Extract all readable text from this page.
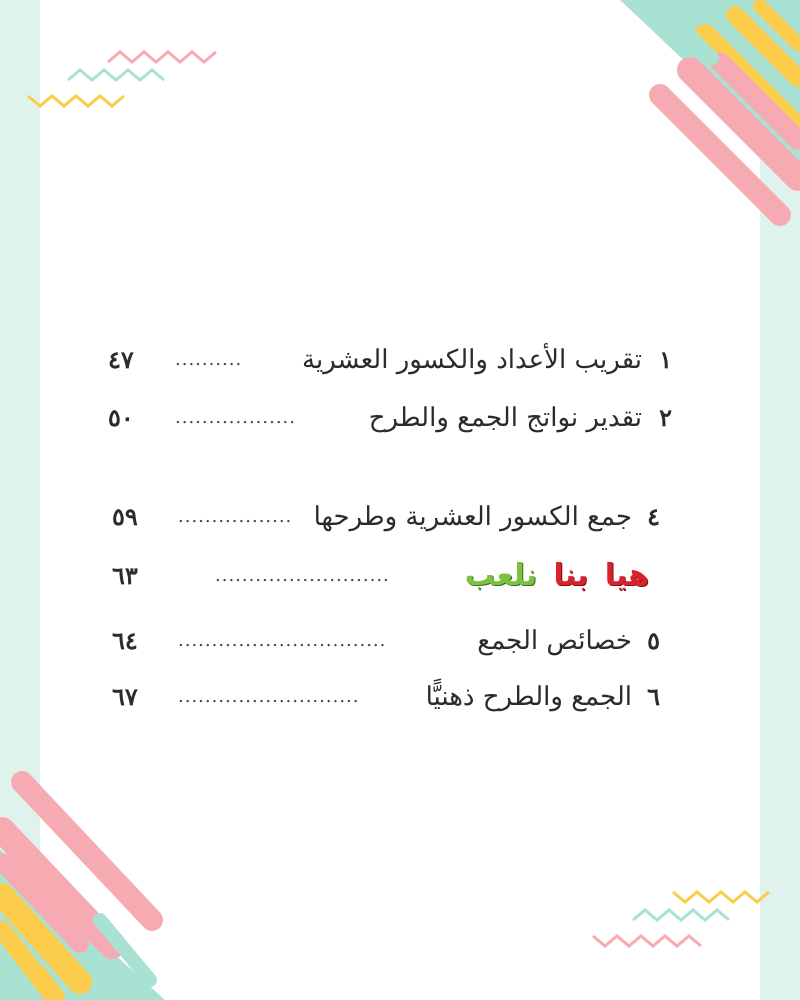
١
تقريب الأعداد والكسور العشرية
..........
٤٧
٢
تقدير نواتج الجمع والطرح
..................
٥٠
٤
جمع الكسور العشرية وطرحها
.................
٥٩
هيا بنا نلعب
..........................
٦٣
٥
خصائص الجمع
...............................
٦٤
٦
الجمع والطرح ذهنيًّا
...........................
٦٧
